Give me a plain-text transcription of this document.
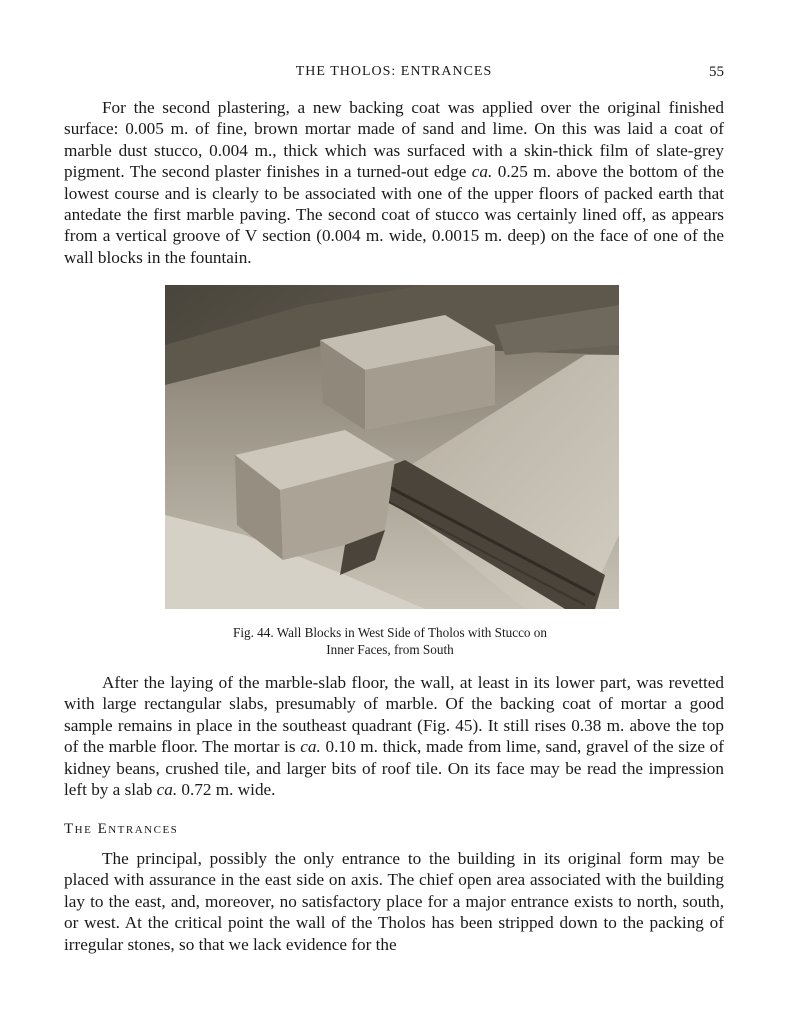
THE THOLOS: ENTRANCES	55

For the second plastering, a new backing coat was applied over the original finished surface: 0.005 m. of fine, brown mortar made of sand and lime. On this was laid a coat of marble dust stucco, 0.004 m., thick which was surfaced with a skin-thick film of slate-grey pigment. The second plaster finishes in a turned-out edge ca. 0.25 m. above the bottom of the lowest course and is clearly to be associated with one of the upper floors of packed earth that antedate the first marble paving. The second coat of stucco was certainly lined off, as appears from a vertical groove of V section (0.004 m. wide, 0.0015 m. deep) on the face of one of the wall blocks in the fountain.

Fig. 44. Wall Blocks in West Side of Tholos with Stucco on
Inner Faces, from South

After the laying of the marble-slab floor, the wall, at least in its lower part, was revetted with large rectangular slabs, presumably of marble. Of the backing coat of mortar a good sample remains in place in the southeast quadrant (Fig. 45). It still rises 0.38 m. above the top of the marble floor. The mortar is ca. 0.10 m. thick, made from lime, sand, gravel of the size of kidney beans, crushed tile, and larger bits of roof tile. On its face may be read the impression left by a slab ca. 0.72 m. wide.

The Entrances

The principal, possibly the only entrance to the building in its original form may be placed with assurance in the east side on axis. The chief open area associated with the building lay to the east, and, moreover, no satisfactory place for a major entrance exists to north, south, or west. At the critical point the wall of the Tholos has been stripped down to the packing of irregular stones, so that we lack evidence for the
